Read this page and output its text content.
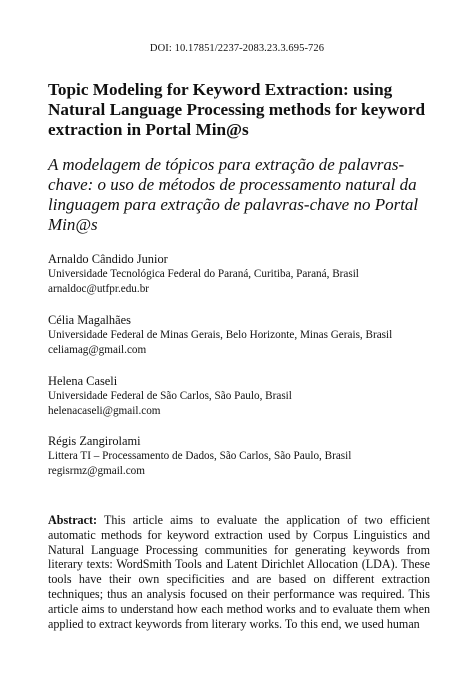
DOI: 10.17851/2237-2083.23.3.695-726
Topic Modeling for Keyword Extraction: using Natural Language Processing methods for keyword extraction in Portal Min@s
A modelagem de tópicos para extração de palavras-chave: o uso de métodos de processamento natural da linguagem para extração de palavras-chave no Portal Min@s
Arnaldo Cândido Junior
Universidade Tecnológica Federal do Paraná, Curitiba, Paraná, Brasil
arnaldoc@utfpr.edu.br
Célia Magalhães
Universidade Federal de Minas Gerais, Belo Horizonte, Minas Gerais, Brasil
celiamag@gmail.com
Helena Caseli
Universidade Federal de São Carlos, São Paulo, Brasil
helenacaseli@gmail.com
Régis Zangirolami
Littera TI – Processamento de Dados, São Carlos, São Paulo, Brasil
regisrmz@gmail.com
Abstract: This article aims to evaluate the application of two efficient automatic methods for keyword extraction used by Corpus Linguistics and Natural Language Processing communities for generating keywords from literary texts: WordSmith Tools and Latent Dirichlet Allocation (LDA). These tools have their own specificities and are based on different extraction techniques; thus an analysis focused on their performance was required. This article aims to understand how each method works and to evaluate them when applied to extract keywords from literary works. To this end, we used human
